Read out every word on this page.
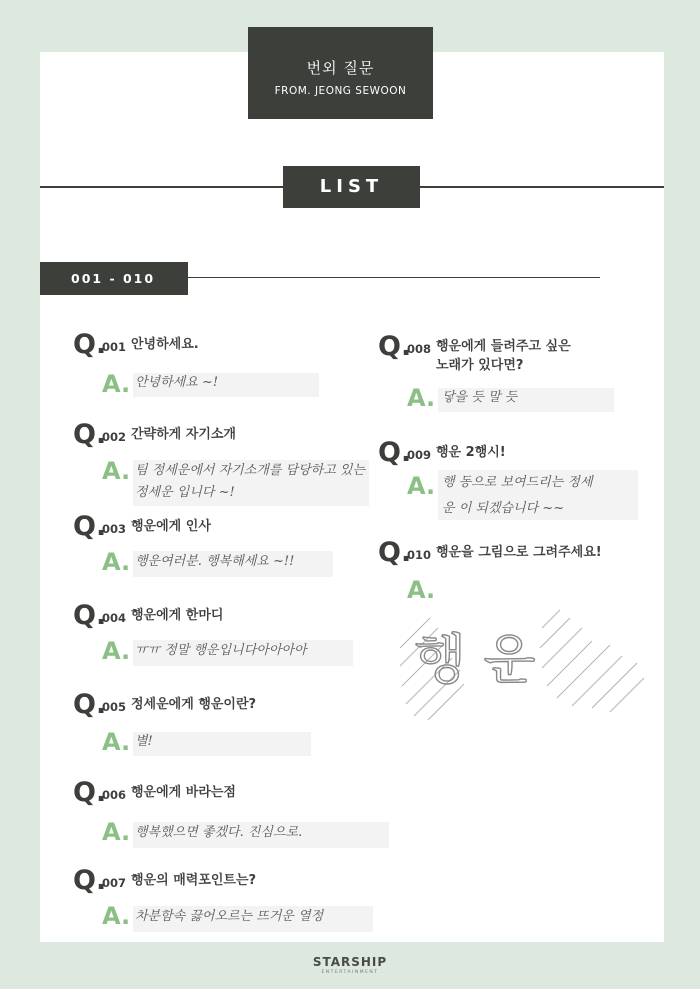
번외 질문
FROM. JEONG SEWOON
LIST
001 - 010
Q.
001 안녕하세요.
A. 안녕하세요 ~!
Q.
002 간략하게 자기소개
A. 팀 정세운에서 자기소개를 담당하고 있는
정세운 입니다 ~!
Q.
003 행운에게 인사
A. 행운여러분. 행복해세요 ~!!
Q.
004 행운에게 한마디
A. ㅠㅠ 정말 행운입니다아아아아
Q.
005 정세운에게 행운이란?
A. 별!
Q.
006 행운에게 바라는점
A. 행복했으면 좋겠다. 진심으로.
Q.
007 행운의 매력포인트는?
A. 차분함속 끓어오르는 뜨거운 열정
Q.
008 행운에게 들려주고 싶은
노래가 있다면?
A. 닿을 듯 말 듯
Q.
009 행운 2행시!
A. 행 동으로 보여드리는 정세
운 이 되겠습니다 ~~
Q.
010 행운을 그림으로 그려주세요!
A.
행 운
STARSHIP
ENTERTAINMENT
